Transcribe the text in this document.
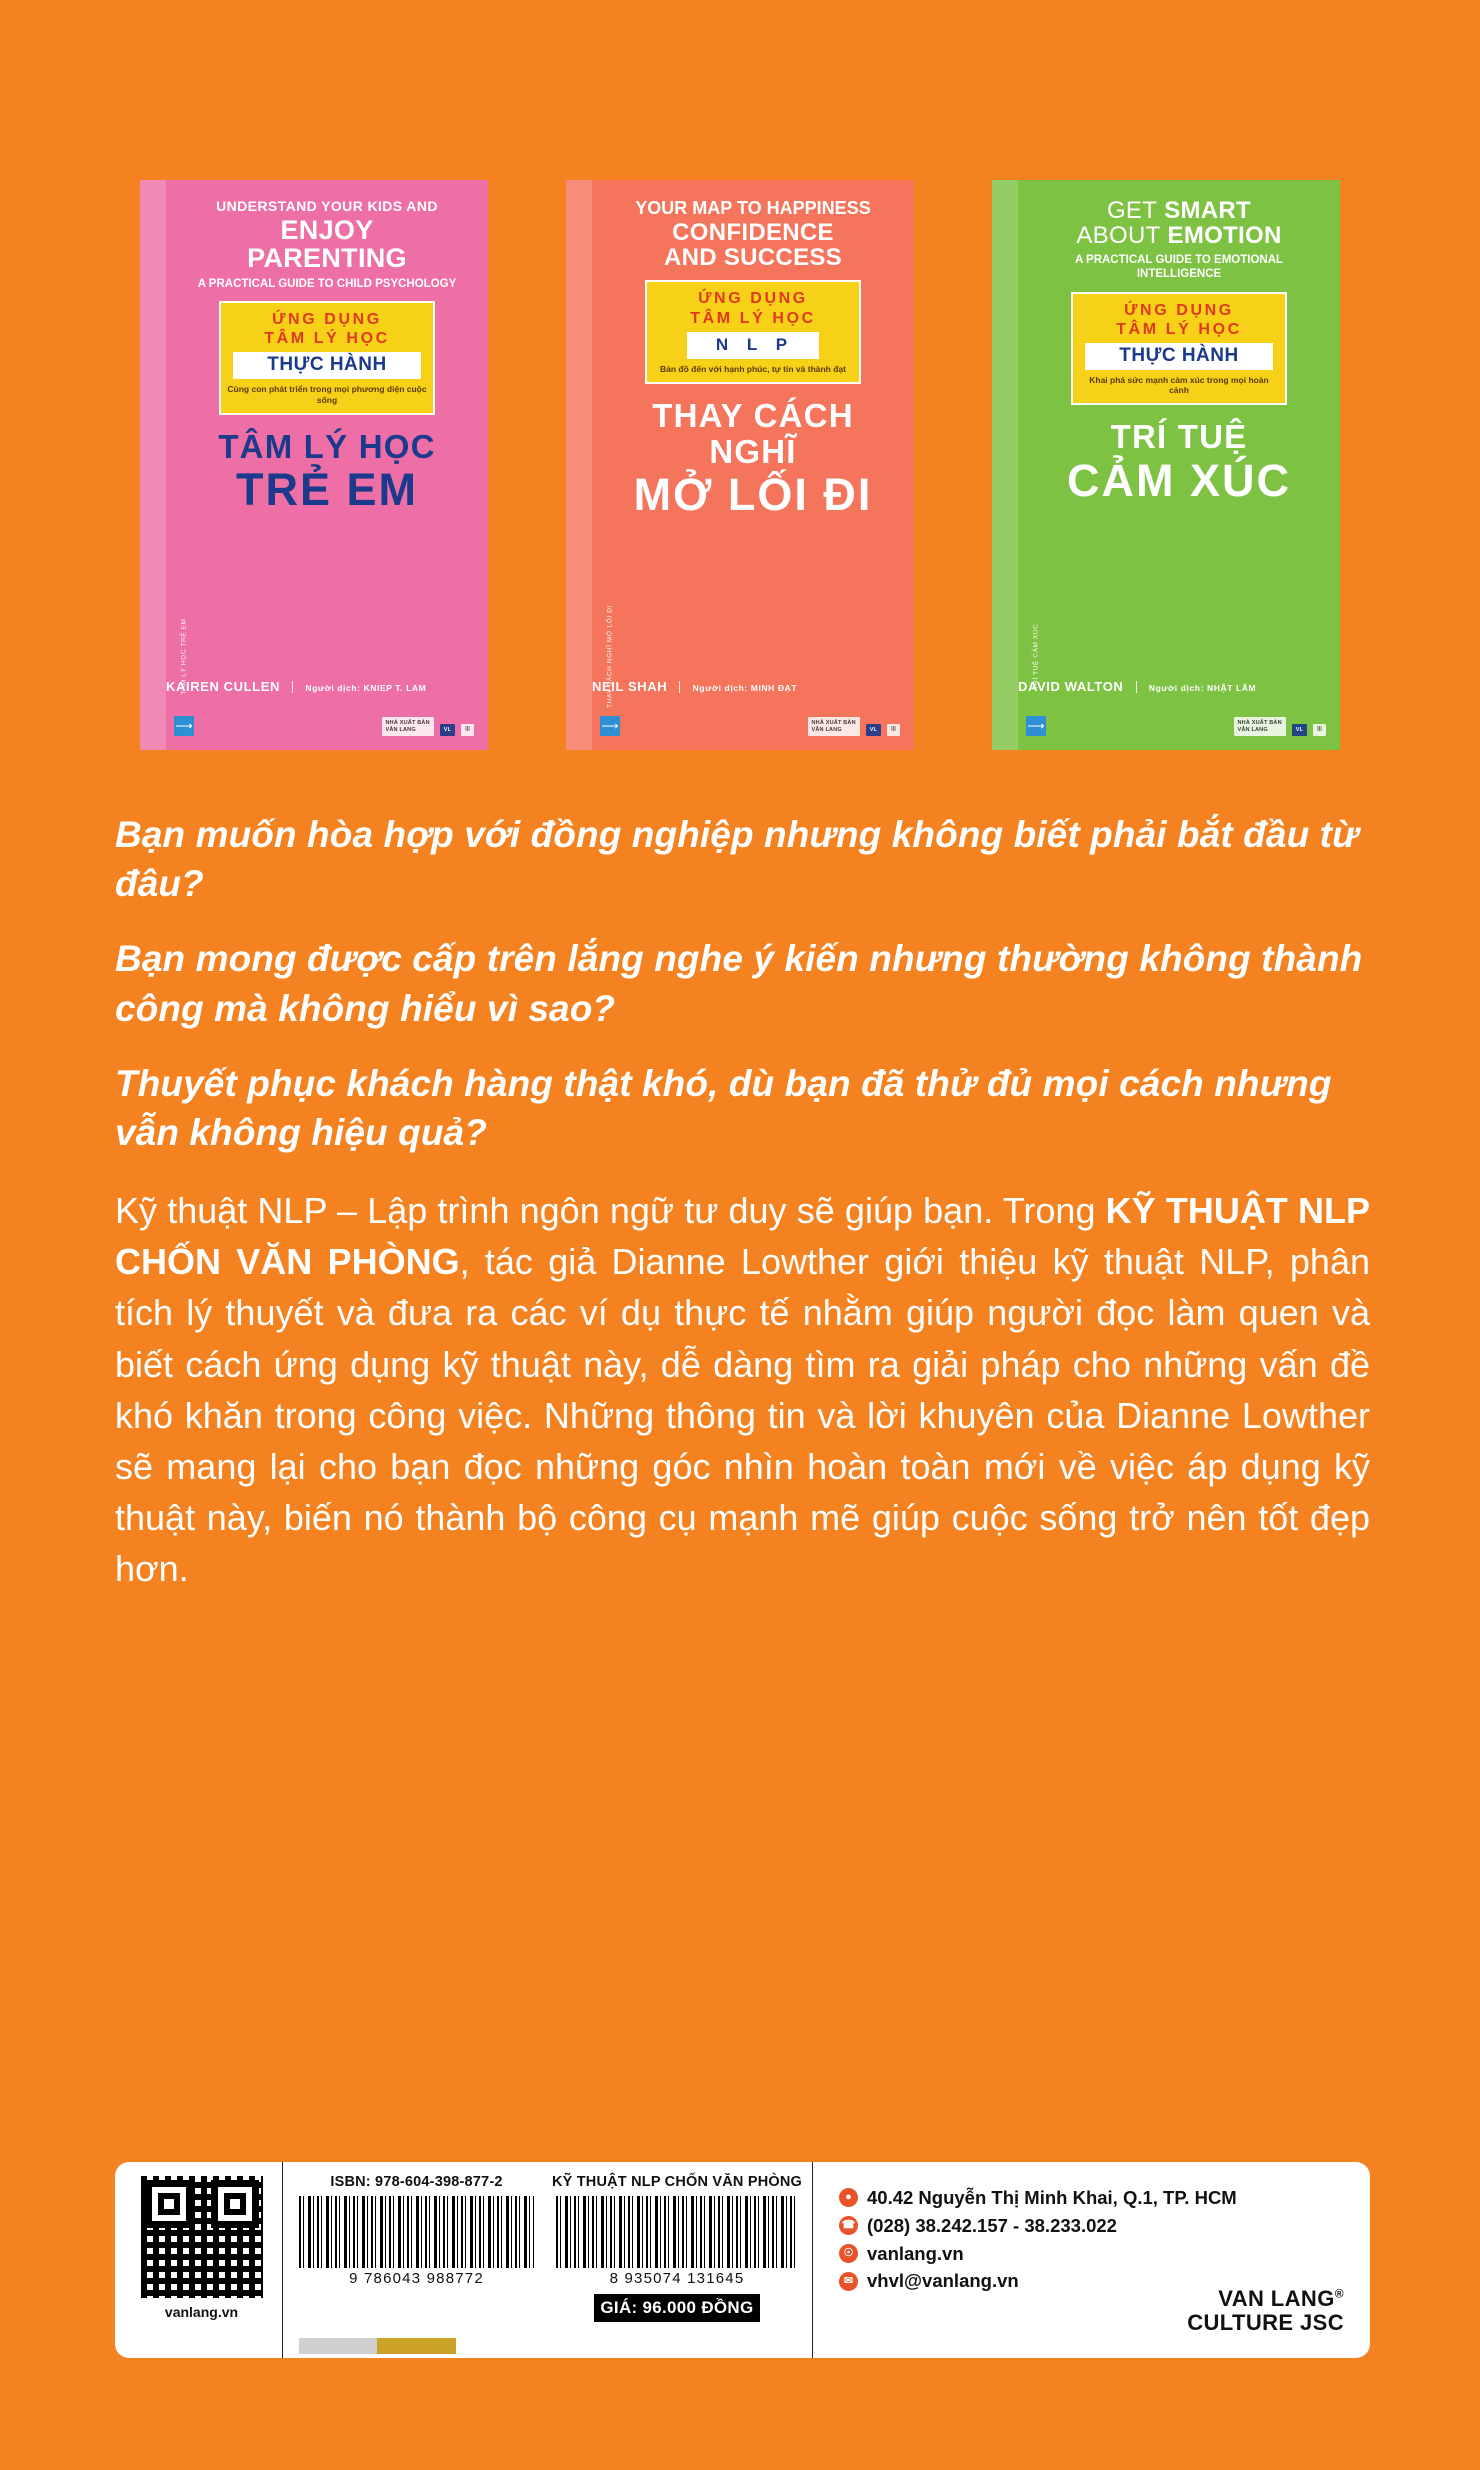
TÂM LÝ HỌC TRẺ EM
UNDERSTAND YOUR KIDS AND
ENJOY
PARENTING
A PRACTICAL GUIDE TO CHILD PSYCHOLOGY
ỨNG DỤNG
TÂM LÝ HỌC
THỰC HÀNH
Cùng con phát triển trong mọi phương diện cuộc sống
TÂM LÝ HỌC
TRẺ EM
KAIREN CULLEN	Người dịch: KNIEP T. LAM
⟶	NHÀ XUẤT BẢN
VĂN LANG	VL	|||
THAY CÁCH NGHĨ MỞ LỐI ĐI
YOUR MAP TO HAPPINESS
CONFIDENCE
AND SUCCESS
ỨNG DỤNG
TÂM LÝ HỌC
N L P
Bản đồ đến với hạnh phúc, tự tin và thành đạt
THAY CÁCH NGHĨ
MỞ LỐI ĐI
NEIL SHAH	Người dịch: MINH ĐẠT
⟶	NHÀ XUẤT BẢN
VĂN LANG	VL	|||
TRÍ TUỆ CẢM XÚC
GET SMART
ABOUT EMOTION
A PRACTICAL GUIDE TO EMOTIONAL INTELLIGENCE
ỨNG DỤNG
TÂM LÝ HỌC
THỰC HÀNH
Khai phá sức mạnh cảm xúc trong mọi hoàn cảnh
TRÍ TUỆ
CẢM XÚC
DAVID WALTON	Người dịch: NHẬT LÂM
⟶	NHÀ XUẤT BẢN
VĂN LANG	VL	|||
Bạn muốn hòa hợp với đồng nghiệp nhưng không biết phải bắt đầu từ đâu?
Bạn mong được cấp trên lắng nghe ý kiến nhưng thường không thành công mà không hiểu vì sao?
Thuyết phục khách hàng thật khó, dù bạn đã thử đủ mọi cách nhưng vẫn không hiệu quả?
Kỹ thuật NLP – Lập trình ngôn ngữ tư duy sẽ giúp bạn. Trong KỸ THUẬT NLP CHỐN VĂN PHÒNG, tác giả Dianne Lowther giới thiệu kỹ thuật NLP, phân tích lý thuyết và đưa ra các ví dụ thực tế nhằm giúp người đọc làm quen và biết cách ứng dụng kỹ thuật này, dễ dàng tìm ra giải pháp cho những vấn đề khó khăn trong công việc. Những thông tin và lời khuyên của Dianne Lowther sẽ mang lại cho bạn đọc những góc nhìn hoàn toàn mới về việc áp dụng kỹ thuật này, biến nó thành bộ công cụ mạnh mẽ giúp cuộc sống trở nên tốt đẹp hơn.
vanlang.vn
ISBN: 978-604-398-877-2
9 786043 988772
KỸ THUẬT NLP CHỐN VĂN PHÒNG
8 935074 131645
GIÁ: 96.000 ĐỒNG
● 40.42 Nguyễn Thị Minh Khai, Q.1, TP. HCM
☎ (028) 38.242.157 - 38.233.022
☉ vanlang.vn
✉ vhvl@vanlang.vn
VAN LANG®
CULTURE JSC
